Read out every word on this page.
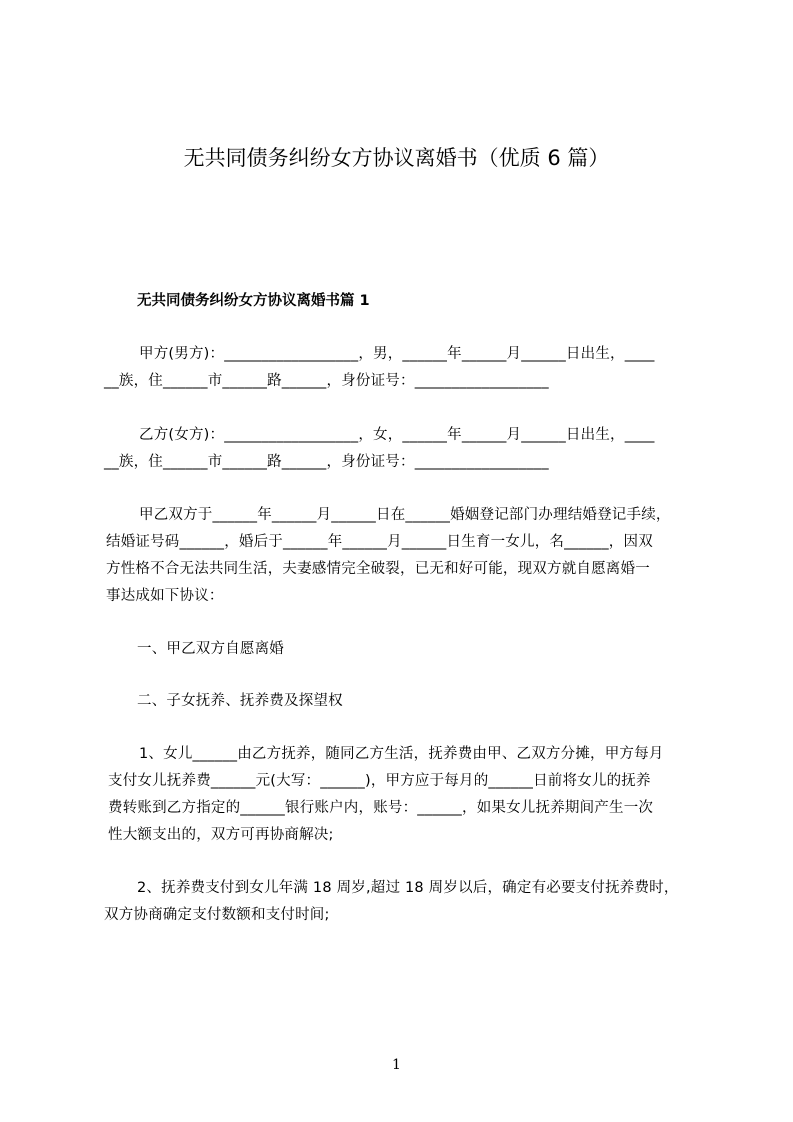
无共同债务纠纷女方协议离婚书（优质 6 篇）
无共同债务纠纷女方协议离婚书篇 1
甲方(男方)：__________________，男，______年______月______日出生，____
__族，住______市______路______，身份证号：__________________
乙方(女方)：__________________，女，______年______月______日出生，____
__族，住______市______路______，身份证号：__________________
甲乙双方于______年______月______日在______婚姻登记部门办理结婚登记手续，
结婚证号码______，婚后于______年______月______日生育一女儿，名______，因双
方性格不合无法共同生活，夫妻感情完全破裂，已无和好可能，现双方就自愿离婚一
事达成如下协议：
一、甲乙双方自愿离婚
二、子女抚养、抚养费及探望权
1、女儿______由乙方抚养，随同乙方生活，抚养费由甲、乙双方分摊，甲方每月
支付女儿抚养费______元(大写：______)，甲方应于每月的______日前将女儿的抚养
费转账到乙方指定的______银行账户内，账号：______，如果女儿抚养期间产生一次
性大额支出的，双方可再协商解决;
2、抚养费支付到女儿年满 18 周岁,超过 18 周岁以后，确定有必要支付抚养费时，
双方协商确定支付数额和支付时间;
1
